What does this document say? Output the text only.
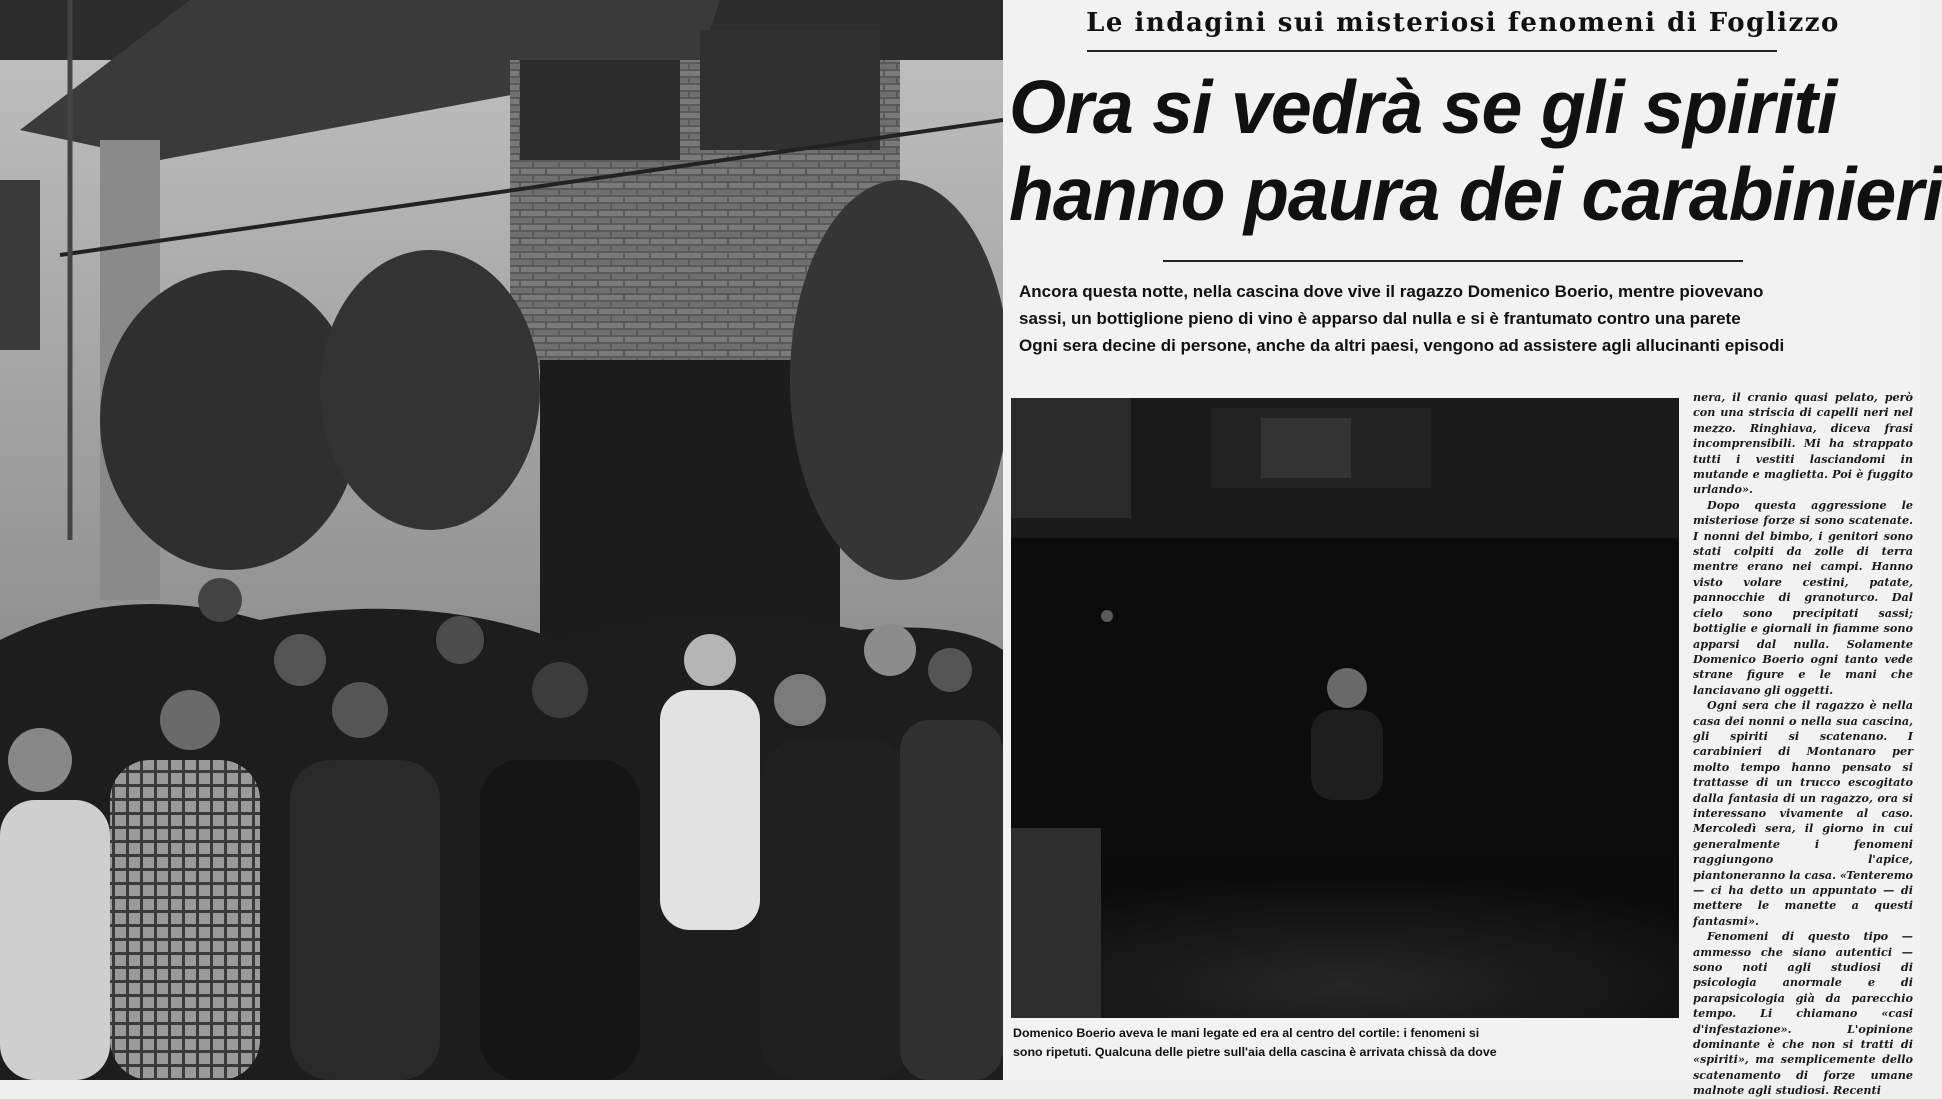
Le indagini sui misteriosi fenomeni di Foglizzo
Ora si vedrà se gli spiriti
hanno paura dei carabinieri

Ancora questa notte, nella cascina dove vive il ragazzo Domenico Boerio, mentre piovevano
sassi, un bottiglione pieno di vino è apparso dal nulla e si è frantumato contro una parete
Ogni sera decine di persone, anche da altri paesi, vengono ad assistere agli allucinanti episodi

Domenico Boerio aveva le mani legate ed era al centro del cortile: i fenomeni si
sono ripetuti. Qualcuna delle pietre sull'aia della cascina è arrivata chissà da dove

nera, il cranio quasi pelato, però con una striscia di capelli neri nel mezzo. Ringhiava, diceva frasi incomprensibili. Mi ha strappato tutti i vestiti lasciandomi in mutande e maglietta. Poi è fuggito urlando».

Dopo questa aggressione le misteriose forze si sono scatenate. I nonni del bimbo, i genitori sono stati colpiti da zolle di terra mentre erano nei campi. Hanno visto volare cestini, patate, pannocchie di granoturco. Dal cielo sono precipitati sassi; bottiglie e giornali in fiamme sono apparsi dal nulla. Solamente Domenico Boerio ogni tanto vede strane figure e le mani che lanciavano gli oggetti.

Ogni sera che il ragazzo è nella casa dei nonni o nella sua cascina, gli spiriti si scatenano. I carabinieri di Montanaro per molto tempo hanno pensato si trattasse di un trucco escogitato dalla fantasia di un ragazzo, ora si interessano vivamente al caso. Mercoledì sera, il giorno in cui generalmente i fenomeni raggiungono l'apice, piantoneranno la casa. «Tenteremo — ci ha detto un appuntato — di mettere le manette a questi fantasmi».

Fenomeni di questo tipo — ammesso che siano autentici — sono noti agli studiosi di psicologia anormale e di parapsicologia già da parecchio tempo. Li chiamano «casi d'infestazione». L'opinione dominante è che non si tratti di «spiriti», ma semplicemente dello scatenamento di forze umane malnote agli studiosi. Recenti
